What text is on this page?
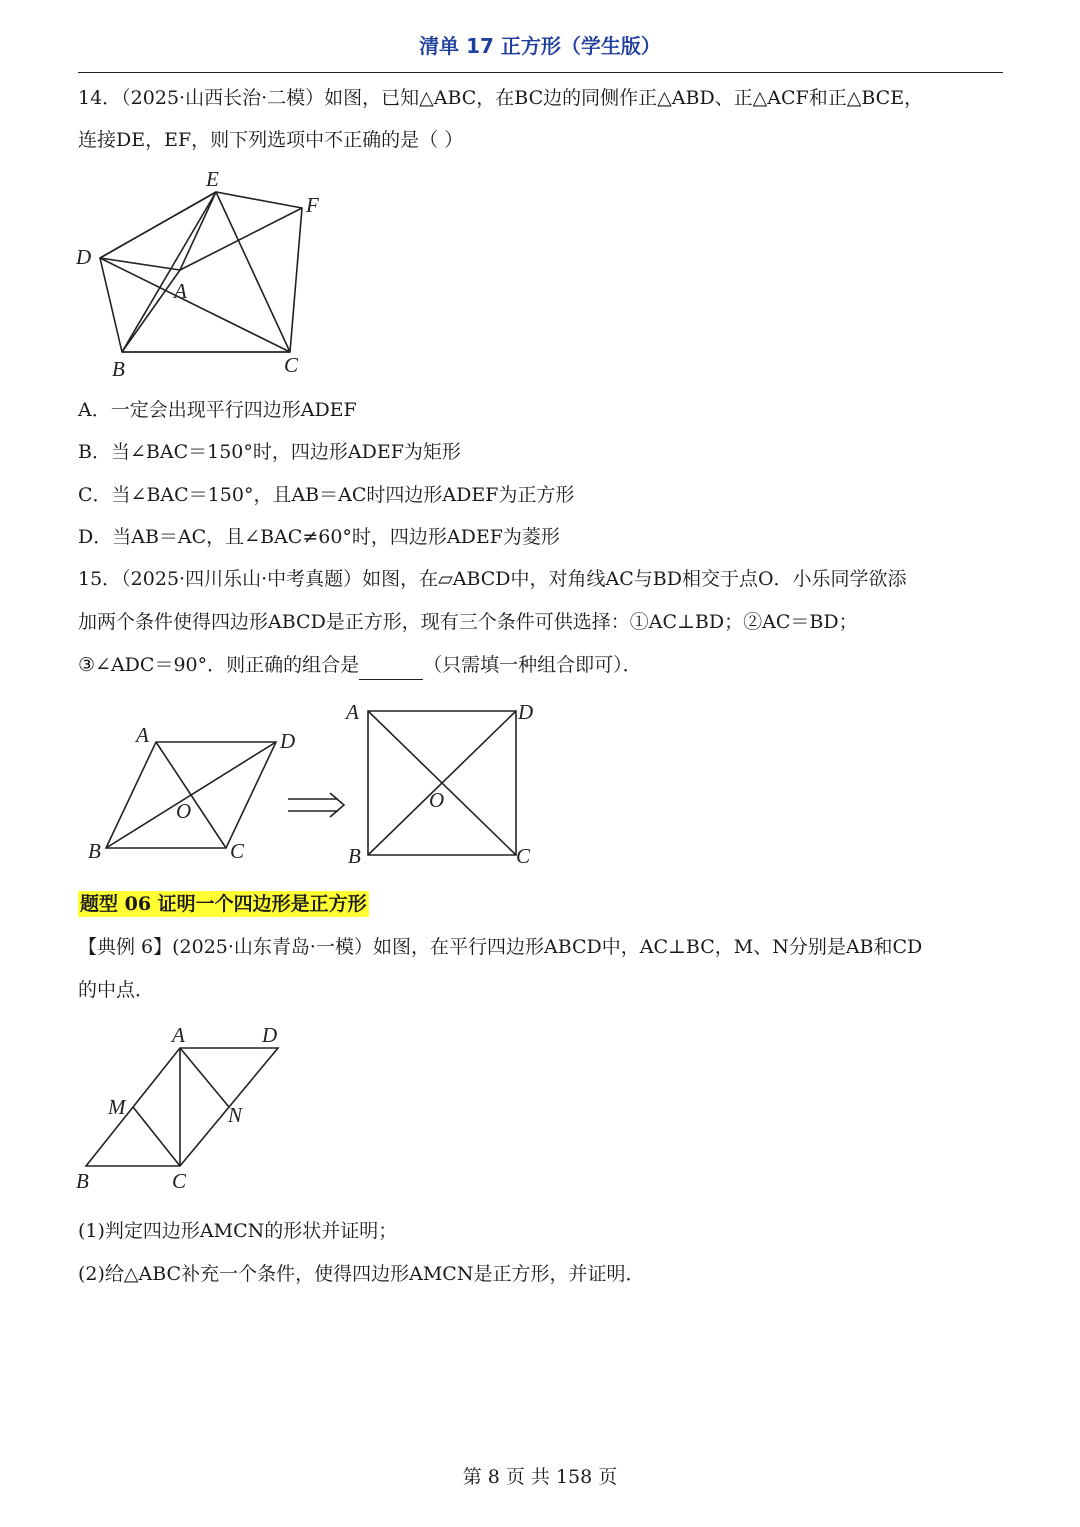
清单 17 正方形（学生版）
14．（2025·山西长治·二模）如图，已知△ABC，在BC边的同侧作正△ABD、正△ACF和正△BCE，
连接DE，EF，则下列选项中不正确的是（ ）
E
F
D
A
B	C
A．一定会出现平行四边形ADEF
B．当∠BAC＝150°时，四边形ADEF为矩形
C．当∠BAC＝150°，且AB＝AC时四边形ADEF为正方形
D．当AB＝AC，且∠BAC≠60°时，四边形ADEF为菱形
15．（2025·四川乐山·中考真题）如图，在▱ABCD中，对角线AC与BD相交于点O．小乐同学欲添
加两个条件使得四边形ABCD是正方形，现有三个条件可供选择：①AC⊥BD；②AC＝BD；
③∠ADC＝90°．则正确的组合是	（只需填一种组合即可）．
A	D
B	C
O
A	D
B	C
O
题型 06 证明一个四边形是正方形
【典例 6】(2025·山东青岛·一模）如图，在平行四边形ABCD中，AC⊥BC，M、N分别是AB和CD
的中点．
A	D
M	N
B	C
(1)判定四边形AMCN的形状并证明；
(2)给△ABC补充一个条件，使得四边形AMCN是正方形，并证明．
第 8 页 共 158 页
